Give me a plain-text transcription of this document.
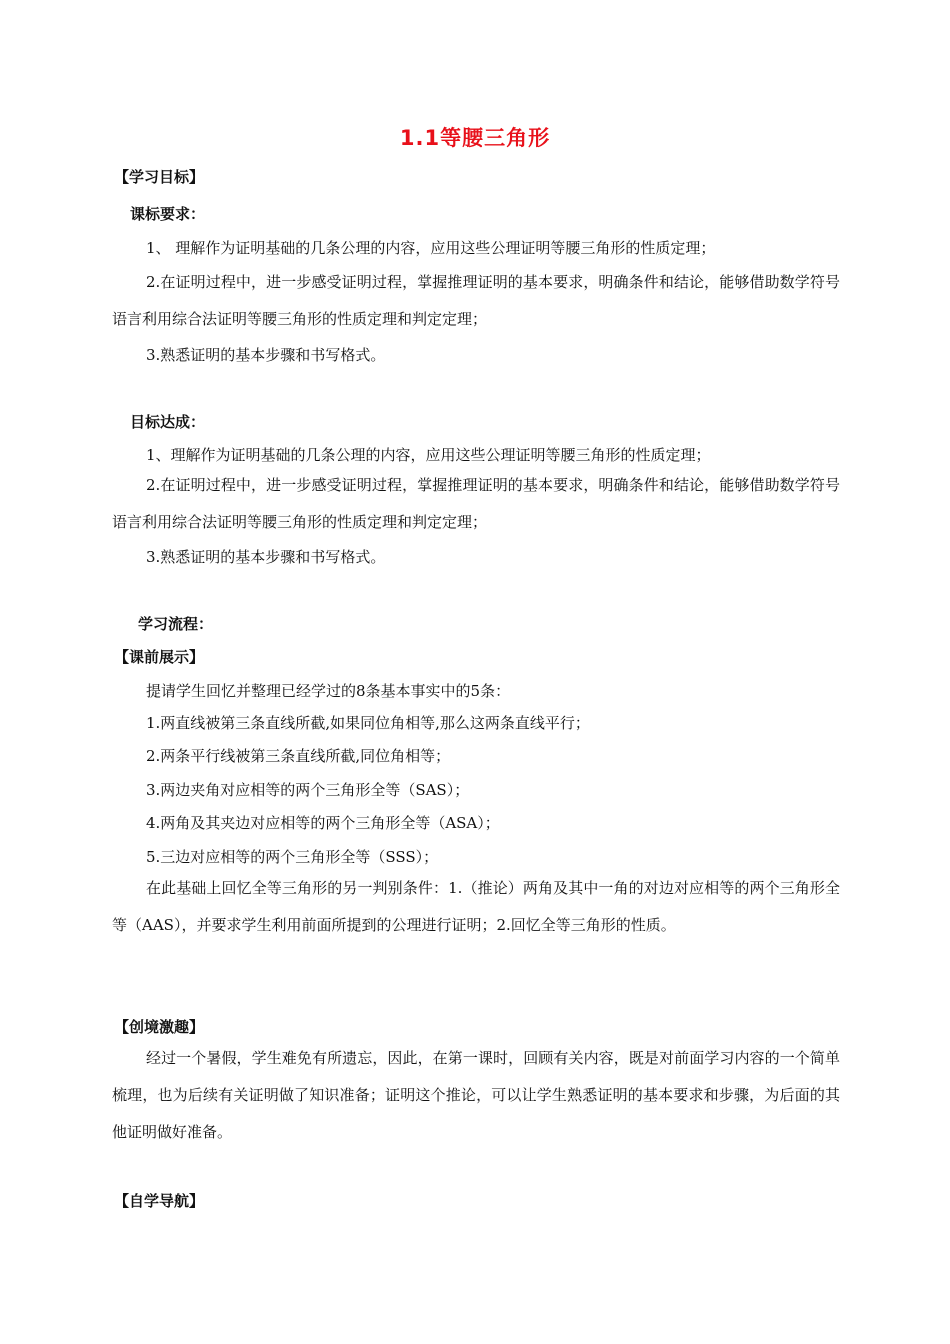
1.1等腰三角形
【学习目标】
课标要求：
1、 理解作为证明基础的几条公理的内容，应用这些公理证明等腰三角形的性质定理；
2.在证明过程中，进一步感受证明过程，掌握推理证明的基本要求，明确条件和结论，能够借助数学符号语言利用综合法证明等腰三角形的性质定理和判定定理；
3.熟悉证明的基本步骤和书写格式。
目标达成：
1、理解作为证明基础的几条公理的内容，应用这些公理证明等腰三角形的性质定理；
2.在证明过程中，进一步感受证明过程，掌握推理证明的基本要求，明确条件和结论，能够借助数学符号语言利用综合法证明等腰三角形的性质定理和判定定理；
3.熟悉证明的基本步骤和书写格式。
学习流程：
【课前展示】
提请学生回忆并整理已经学过的8条基本事实中的5条：
1.两直线被第三条直线所截,如果同位角相等,那么这两条直线平行；
2.两条平行线被第三条直线所截,同位角相等；
3.两边夹角对应相等的两个三角形全等（SAS）；
4.两角及其夹边对应相等的两个三角形全等（ASA）；
5.三边对应相等的两个三角形全等（SSS）；
在此基础上回忆全等三角形的另一判别条件：1.（推论）两角及其中一角的对边对应相等的两个三角形全等（AAS），并要求学生利用前面所提到的公理进行证明；2.回忆全等三角形的性质。
【创境激趣】
经过一个暑假，学生难免有所遗忘，因此，在第一课时，回顾有关内容，既是对前面学习内容的一个简单梳理，也为后续有关证明做了知识准备；证明这个推论，可以让学生熟悉证明的基本要求和步骤，为后面的其他证明做好准备。
【自学导航】
